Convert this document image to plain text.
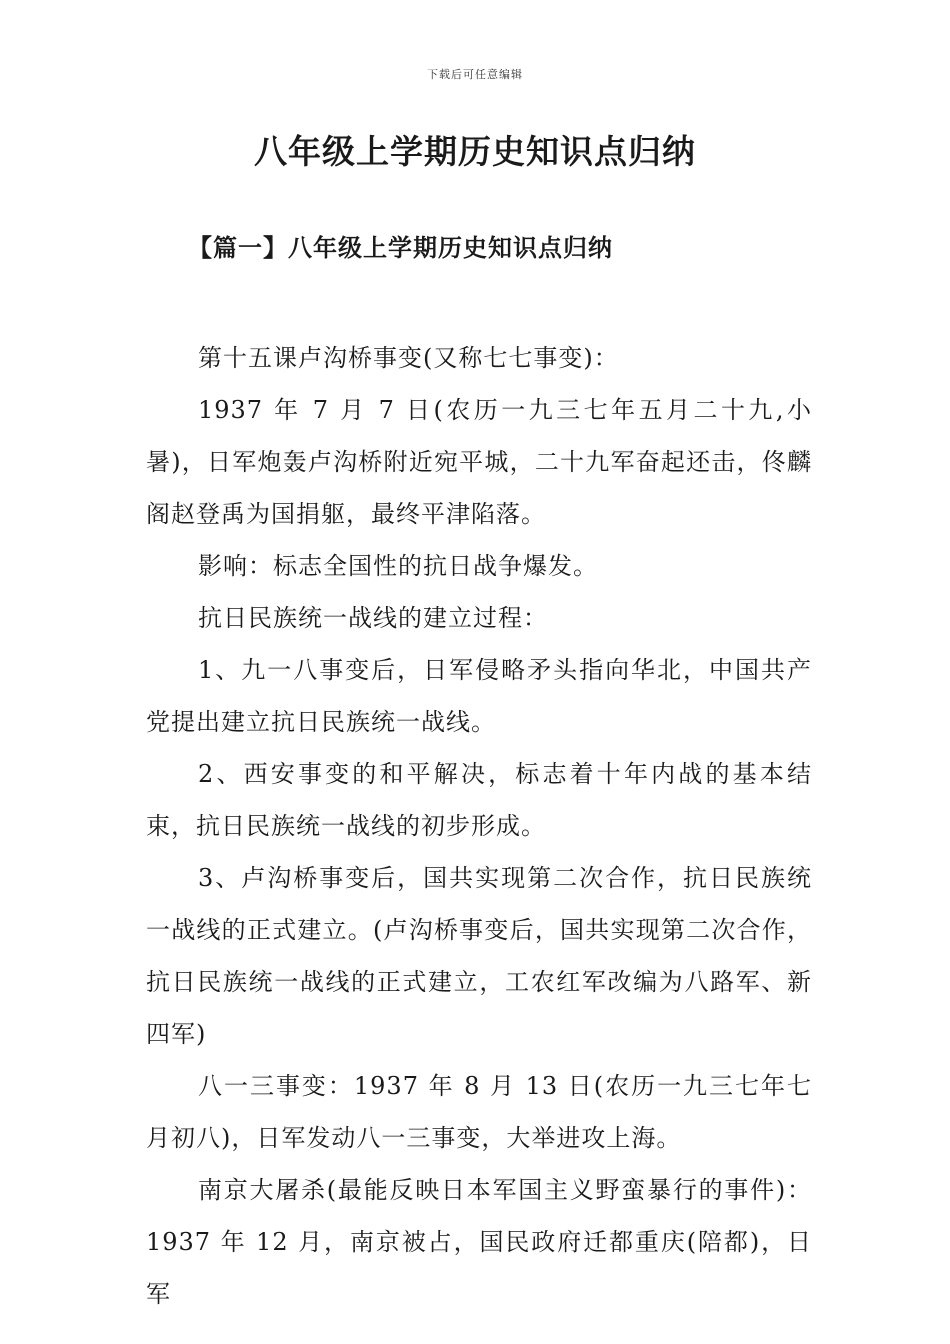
下载后可任意编辑
八年级上学期历史知识点归纳
【篇一】八年级上学期历史知识点归纳

第十五课卢沟桥事变(又称七七事变)：

1937 年 7 月 7 日(农历一九三七年五月二十九,小暑)，日军炮轰卢沟桥附近宛平城，二十九军奋起还击，佟麟阁赵登禹为国捐躯，最终平津陷落。

影响：标志全国性的抗日战争爆发。

抗日民族统一战线的建立过程：

1、九一八事变后，日军侵略矛头指向华北，中国共产党提出建立抗日民族统一战线。

2、西安事变的和平解决，标志着十年内战的基本结束，抗日民族统一战线的初步形成。

3、卢沟桥事变后，国共实现第二次合作，抗日民族统一战线的正式建立。(卢沟桥事变后，国共实现第二次合作，抗日民族统一战线的正式建立，工农红军改编为八路军、新四军)

八一三事变：1937 年 8 月 13 日(农历一九三七年七月初八)，日军发动八一三事变，大举进攻上海。

南京大屠杀(最能反映日本军国主义野蛮暴行的事件)：1937 年 12 月，南京被占，国民政府迁都重庆(陪都)，日军
